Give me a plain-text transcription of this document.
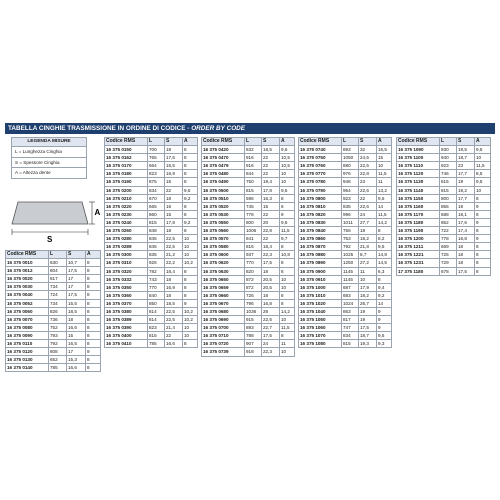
TABELLA CINGHIE TRASMISSIONE IN ORDINE DI CODICE - ORDER BY CODE
LEGENDA MISURE
L = Lunghezza Cinghia
S = Spessore Cinghia
A = Altezza dente
A
S
Codice RMS	L	S	A
16 375 0010	630	10,7	8
16 375 0012	804	17,5	8
16 375 0020	817	17	8
16 375 0030	734	17	8
16 375 0040	724	17,5	8
16 375 0052	734	15,5	8
16 375 0060	826	18,5	8
16 375 0070	736	18	8
16 375 0080	752	16,6	8
16 375 0090	793	15	8
16 375 0110	792	16,5	8
16 375 0120	808	17	9
16 375 0130	652	15,3	8
16 375 0140	785	16,6	8
Codice RMS	L	S	A
16 375 0150	700	18	8
16 375 0162	765	17,5	8
16 375 0170	664	16,5	8
16 375 0180	823	16,9	8
16 375 0190	875	16	8
16 375 0200	834	22	9,5
16 375 0210	670	18	9,2
16 375 0220	665	16	8
16 375 0230	860	15	8
16 375 0240	815	17,8	9,2
16 375 0260	848	18	8
16 375 0280	845	22,5	10
16 375 0289	845	22,5	10
16 375 0300	835	21,2	10
16 375 0310	926	22,2	10,2
16 375 0320	782	18,4	8
16 375 0332	743	18	8
16 375 0350	770	16,9	8
16 375 0360	840	18	8
16 375 0370	850	18,5	9
16 375 0380	814	22,5	10,2
16 375 0389	814	22,5	10,2
16 375 0390	823	21,4	10
16 375 0400	815	22	10
16 375 0410	785	16,6	8
Codice RMS	L	S	A
16 375 0420	832	18,5	9,6
16 375 0470	916	22	10,5
16 375 0479	916	22	10,5
16 375 0480	844	22	10
16 375 0490	750	19,4	10
16 375 0500	815	17,8	9,5
16 375 0510	596	16,3	8
16 375 0520	745	15	8
16 375 0530	778	22	9
16 375 0550	800	20	9,6
16 375 0560	1006	22,8	11,5
16 375 0570	841	22	9,7
16 375 0580	816	18,4	8
16 375 0600	937	22,3	10,8
16 375 0620	770	17,5	8
16 375 0630	820	18	8
16 375 0650	872	20,5	10
16 375 0659	872	20,5	10
16 375 0660	726	18	8
16 375 0670	796	16,8	8
16 375 0680	1036	28	14,2
16 375 0690	915	22,5	10
16 375 0700	893	22,7	11,5
16 375 0710	788	17,5	8
16 375 0720	907	24	11
16 375 0739	918	22,3	10
Codice RMS	L	S	A
16 375 0740	893	32	15,5
16 375 0750	1050	24,5	15
16 375 0760	880	22,5	10
16 375 0770	976	22,8	11,5
16 375 0780	946	23	11
16 375 0790	954	22,6	13,2
16 375 0800	923	22	9,5
16 375 0810	835	22,6	14
16 375 0820	996	24	11,5
16 375 0830	1011	27,7	14,2
16 375 0840	756	18	8
16 375 0860	753	18,2	8,2
16 375 0870	792	21,8	9,5
16 375 0880	1025	8,7	14,8
16 375 0890	1250	27,2	14,5
16 375 0900	1145	11	6,3
16 375 0910	1145	10	8
16 375 1000	687	17,9	9,4
16 375 1010	683	18,2	9,2
16 375 1020	1024	26,7	14
16 375 1040	863	19	9
16 375 1050	817	19	9
16 375 1060	747	17,5	9
16 375 1070	834	18,7	9,5
16 375 1080	815	19,3	9,3
Codice RMS	L	S	A
16 375 1090	930	19,5	9,5
16 375 1100	940	18,7	10
16 375 1110	923	23	11,5
16 375 1120	746	17,7	8,5
16 375 1130	815	19	9,5
16 375 1140	815	19,2	10
16 375 1150	800	17,7	8
16 375 1160	855	19	9
16 375 1170	688	18,1	8
16 375 1180	852	17,6	9
16 375 1190	722	17,4	8
16 375 1200	778	16,8	9
16 375 1211	669	18	8
16 375 1221	725	18	8
16 375 1231	729	18	8
17 375 1180	678	17,5	8
